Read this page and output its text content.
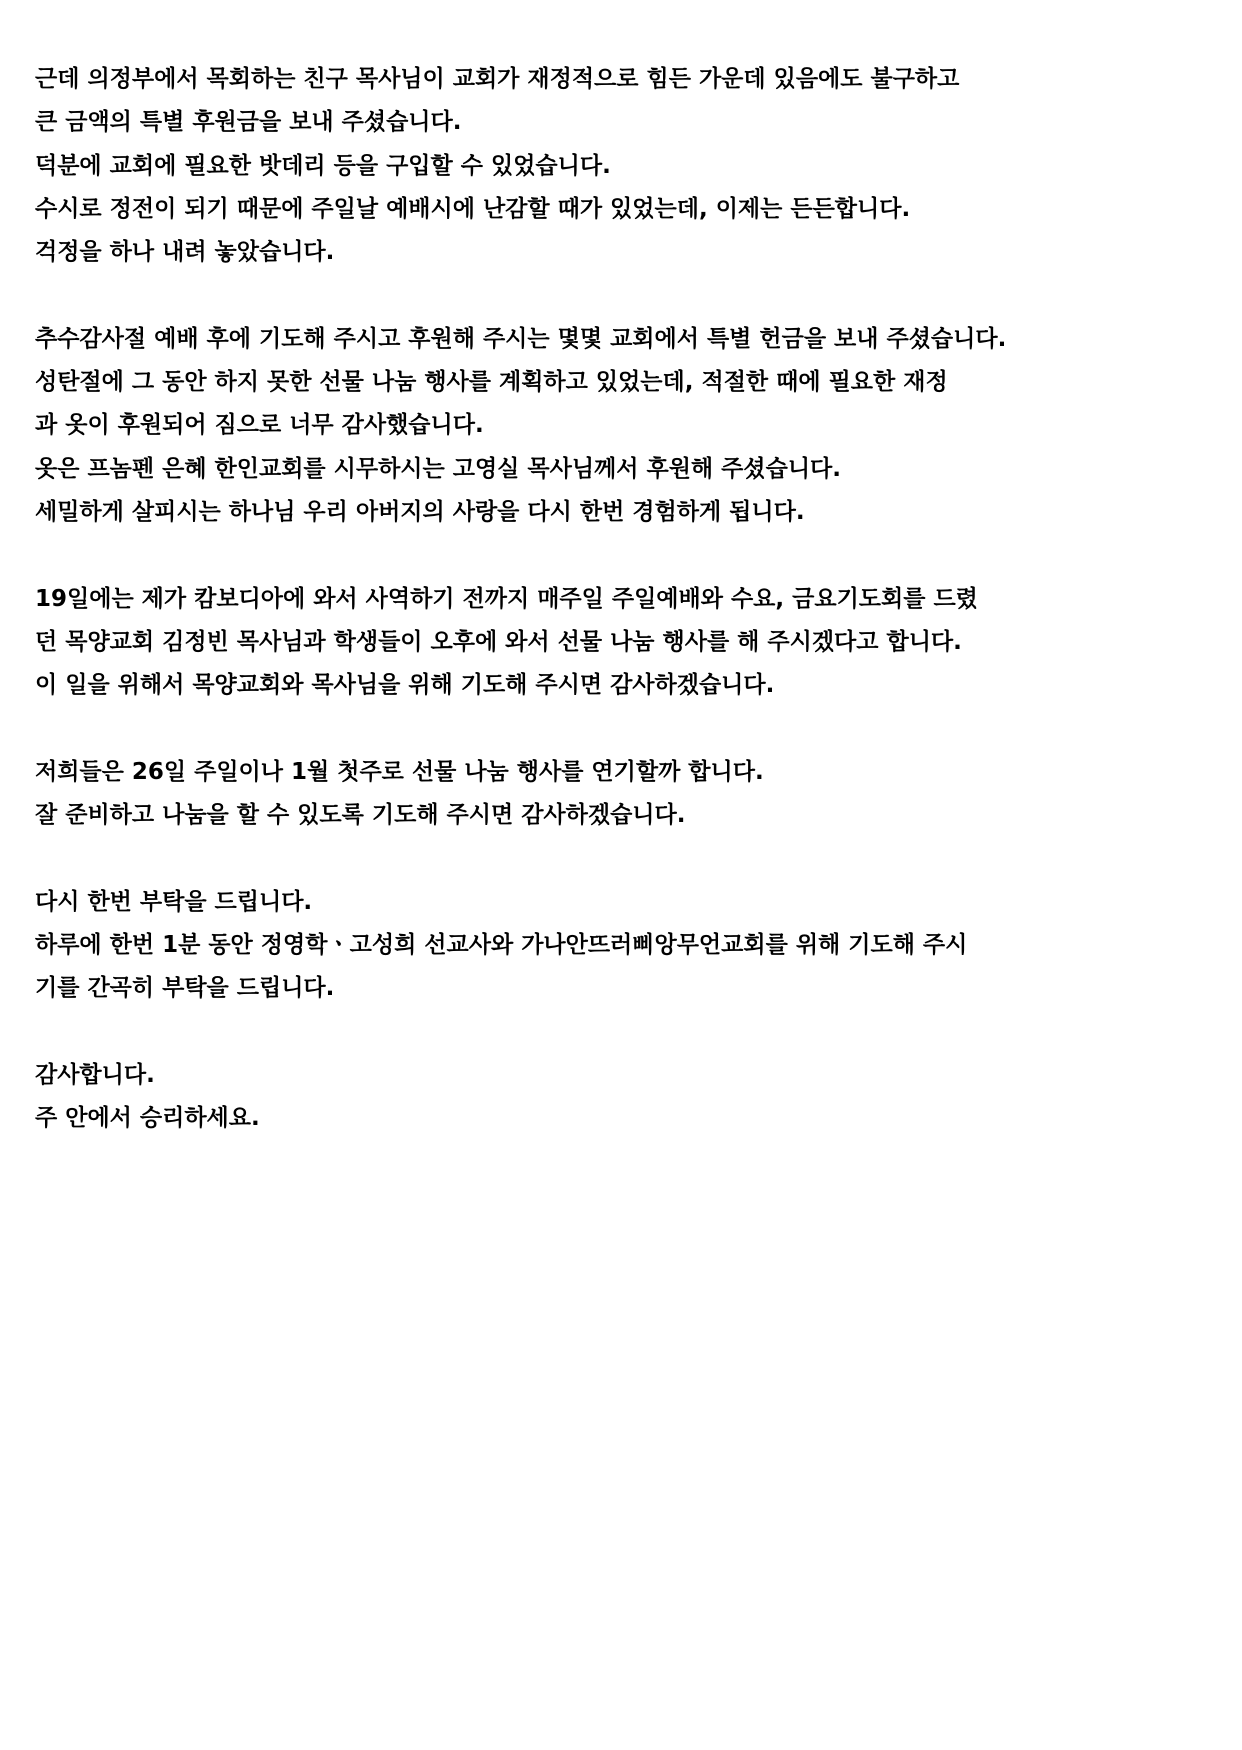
근데 의정부에서 목회하는 친구 목사님이 교회가 재정적으로 힘든 가운데 있음에도 불구하고
큰 금액의 특별 후원금을 보내 주셨습니다.
덕분에 교회에 필요한 밧데리 등을 구입할 수 있었습니다.
수시로 정전이 되기 때문에 주일날 예배시에 난감할 때가 있었는데, 이제는 든든합니다.
걱정을 하나 내려 놓았습니다.
추수감사절 예배 후에 기도해 주시고 후원해 주시는 몇몇 교회에서 특별 헌금을 보내 주셨습니다.
성탄절에 그 동안 하지 못한 선물 나눔 행사를 계획하고 있었는데, 적절한 때에 필요한 재정
과 옷이 후원되어 짐으로 너무 감사했습니다.
옷은 프놈펜 은혜 한인교회를 시무하시는 고영실 목사님께서 후원해 주셨습니다.
세밀하게 살피시는 하나님 우리 아버지의 사랑을 다시 한번 경험하게 됩니다.
19일에는 제가 캄보디아에 와서 사역하기 전까지 매주일 주일예배와 수요, 금요기도회를 드렸
던 목양교회 김정빈 목사님과 학생들이 오후에 와서 선물 나눔 행사를 해 주시겠다고 합니다.
이 일을 위해서 목양교회와 목사님을 위해 기도해 주시면 감사하겠습니다.
저희들은 26일 주일이나 1월 첫주로 선물 나눔 행사를 연기할까 합니다.
잘 준비하고 나눔을 할 수 있도록 기도해 주시면 감사하겠습니다.
다시 한번 부탁을 드립니다.
하루에 한번 1분 동안 정영학ㆍ고성희 선교사와 가나안뜨러삐앙무언교회를 위해 기도해 주시
기를 간곡히 부탁을 드립니다.
감사합니다.
주 안에서 승리하세요.
